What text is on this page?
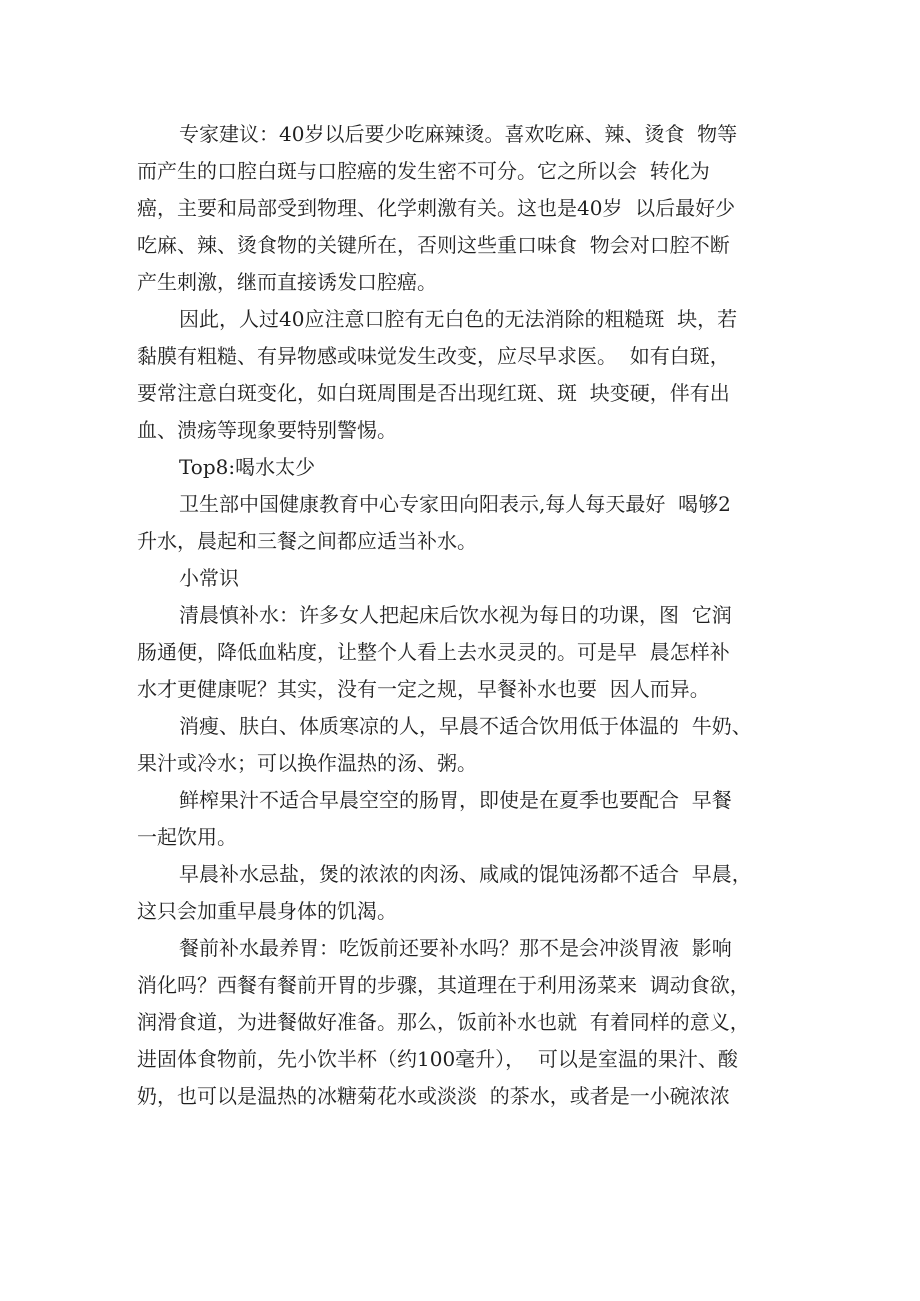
专家建议：40岁以后要少吃麻辣烫。喜欢吃麻、辣、烫食  物等
而产生的口腔白斑与口腔癌的发生密不可分。它之所以会  转化为
癌，主要和局部受到物理、化学刺激有关。这也是40岁  以后最好少
吃麻、辣、烫食物的关键所在，否则这些重口味食  物会对口腔不断
产生刺激，继而直接诱发口腔癌。
因此，人过40应注意口腔有无白色的无法消除的粗糙斑  块，若
黏膜有粗糙、有异物感或味觉发生改变，应尽早求医。  如有白斑，
要常注意白斑变化，如白斑周围是否出现红斑、斑  块变硬，伴有出
血、溃疡等现象要特别警惕。
Top8:喝水太少
卫生部中国健康教育中心专家田向阳表示,每人每天最好  喝够2
升水，晨起和三餐之间都应适当补水。
小常识
清晨慎补水：许多女人把起床后饮水视为每日的功课，图  它润
肠通便，降低血粘度，让整个人看上去水灵灵的。可是早  晨怎样补
水才更健康呢？其实，没有一定之规，早餐补水也要  因人而异。
消瘦、肤白、体质寒凉的人，早晨不适合饮用低于体温的  牛奶、
果汁或冷水；可以换作温热的汤、粥。
鲜榨果汁不适合早晨空空的肠胃，即使是在夏季也要配合  早餐
一起饮用。
早晨补水忌盐，煲的浓浓的肉汤、咸咸的馄饨汤都不适合  早晨，
这只会加重早晨身体的饥渴。
餐前补水最养胃：吃饭前还要补水吗？那不是会冲淡胃液  影响
消化吗？西餐有餐前开胃的步骤，其道理在于利用汤菜来  调动食欲，
润滑食道，为进餐做好准备。那么，饭前补水也就  有着同样的意义，
进固体食物前，先小饮半杯（约100毫升），  可以是室温的果汁、酸
奶，也可以是温热的冰糖菊花水或淡淡  的茶水，或者是一小碗浓浓
